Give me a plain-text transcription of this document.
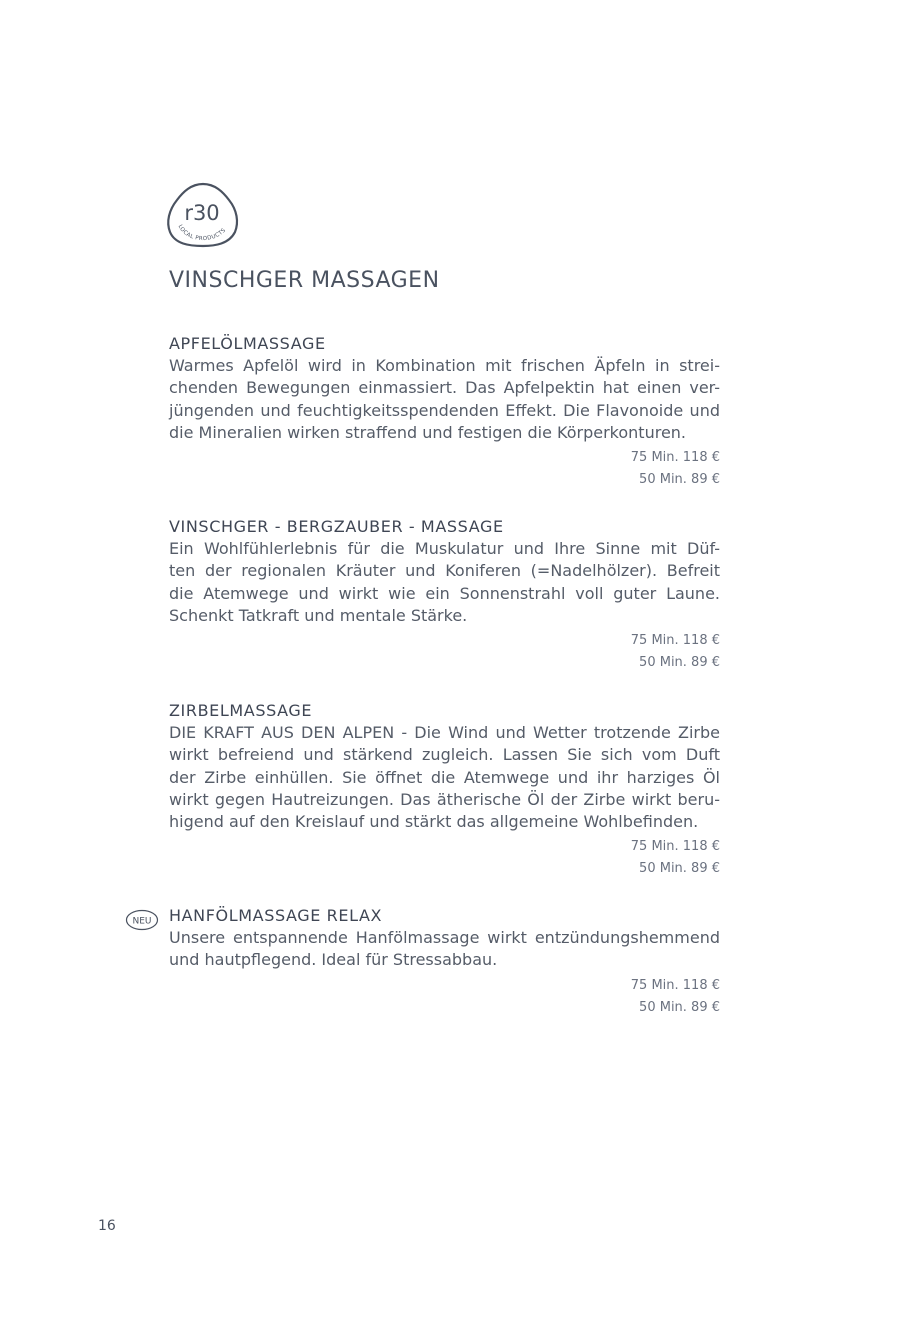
r30
LOCAL PRODUCTS
VINSCHGER MASSAGEN
APFELÖLMASSAGE

Warmes Apfelöl wird in Kombination mit frischen Äpfeln in strei-
chenden Bewegungen einmassiert. Das Apfelpektin hat einen ver-
jüngenden und feuchtigkeitsspendenden Effekt. Die Flavonoide und
die Mineralien wirken straffend und festigen die Körperkonturen.

75 Min. 118 €
50 Min. 89 €
VINSCHGER - BERGZAUBER - MASSAGE

Ein Wohlfühlerlebnis für die Muskulatur und Ihre Sinne mit Düf-
ten der regionalen Kräuter und Koniferen (=Nadelhölzer). Befreit
die Atemwege und wirkt wie ein Sonnenstrahl voll guter Laune.
Schenkt Tatkraft und mentale Stärke.

75 Min. 118 €
50 Min. 89 €
ZIRBELMASSAGE

DIE KRAFT AUS DEN ALPEN - Die Wind und Wetter trotzende Zirbe
wirkt befreiend und stärkend zugleich. Lassen Sie sich vom Duft
der Zirbe einhüllen. Sie öffnet die Atemwege und ihr harziges Öl
wirkt gegen Hautreizungen. Das ätherische Öl der Zirbe wirkt beru-
higend auf den Kreislauf und stärkt das allgemeine Wohlbefinden.

75 Min. 118 €
50 Min. 89 €
NEU HANFÖLMASSAGE RELAX

Unsere entspannende Hanfölmassage wirkt entzündungshemmend
und hautpflegend. Ideal für Stressabbau.

75 Min. 118 €
50 Min. 89 €
16
